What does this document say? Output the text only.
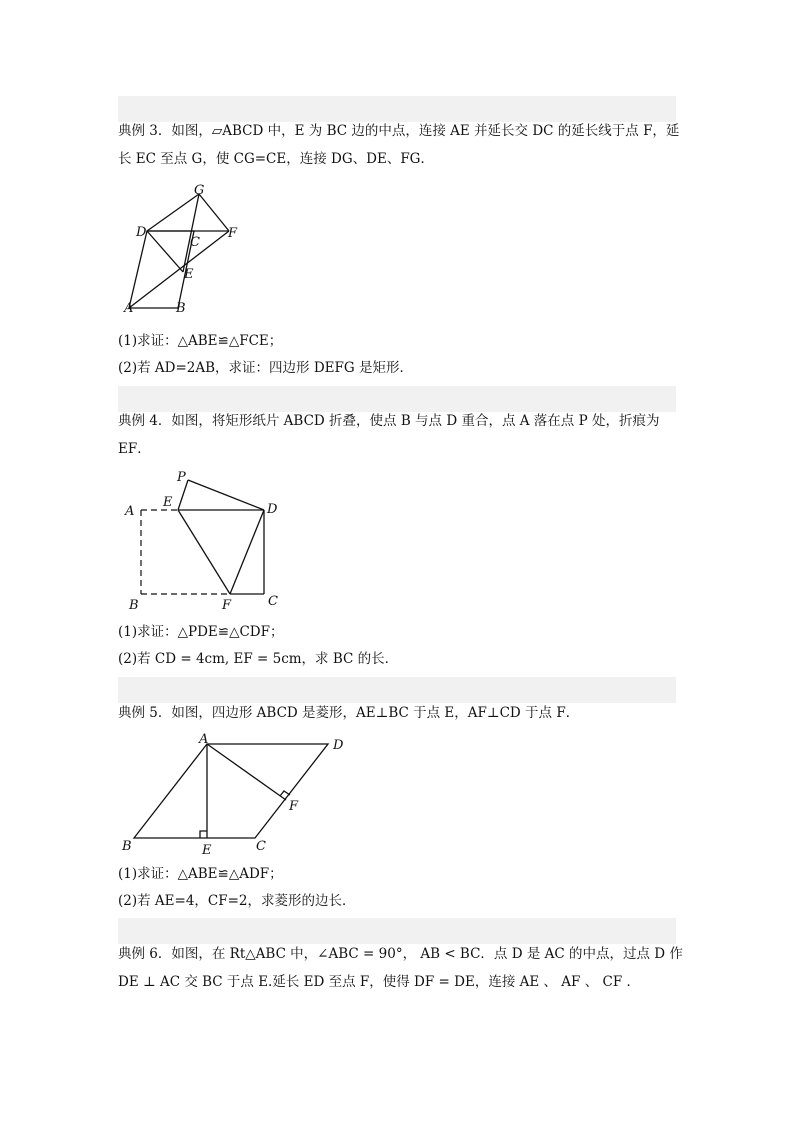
典例 3．如图，▱ABCD 中，E 为 BC 边的中点，连接 AE 并延长交 DC 的延长线于点 F，延
长 EC 至点 G，使 CG=CE，连接 DG、DE、FG．
G
D
C
F
E
A	B
P
E
A	D
B	F	C
A	D
F
B	E	C
(1)求证：△ABE≌△FCE；
(2)若 AD=2AB，求证：四边形 DEFG 是矩形．
典例 4．如图，将矩形纸片 ABCD 折叠，使点 B 与点 D 重合，点 A 落在点 P 处，折痕为
EF．
(1)求证：△PDE≌△CDF；
(2)若 CD = 4cm, EF = 5cm，求 BC 的长．
典例 5．如图，四边形 ABCD 是菱形，AE⊥BC 于点 E，AF⊥CD 于点 F．
(1)求证：△ABE≌△ADF；
(2)若 AE=4，CF=2，求菱形的边长．
典例 6．如图，在 Rt△ABC 中，∠ABC = 90°， AB < BC．点 D 是 AC 的中点，过点 D 作
DE ⊥ AC 交 BC 于点 E.延长 ED 至点 F，使得 DF = DE，连接 AE 、 AF 、 CF ．
